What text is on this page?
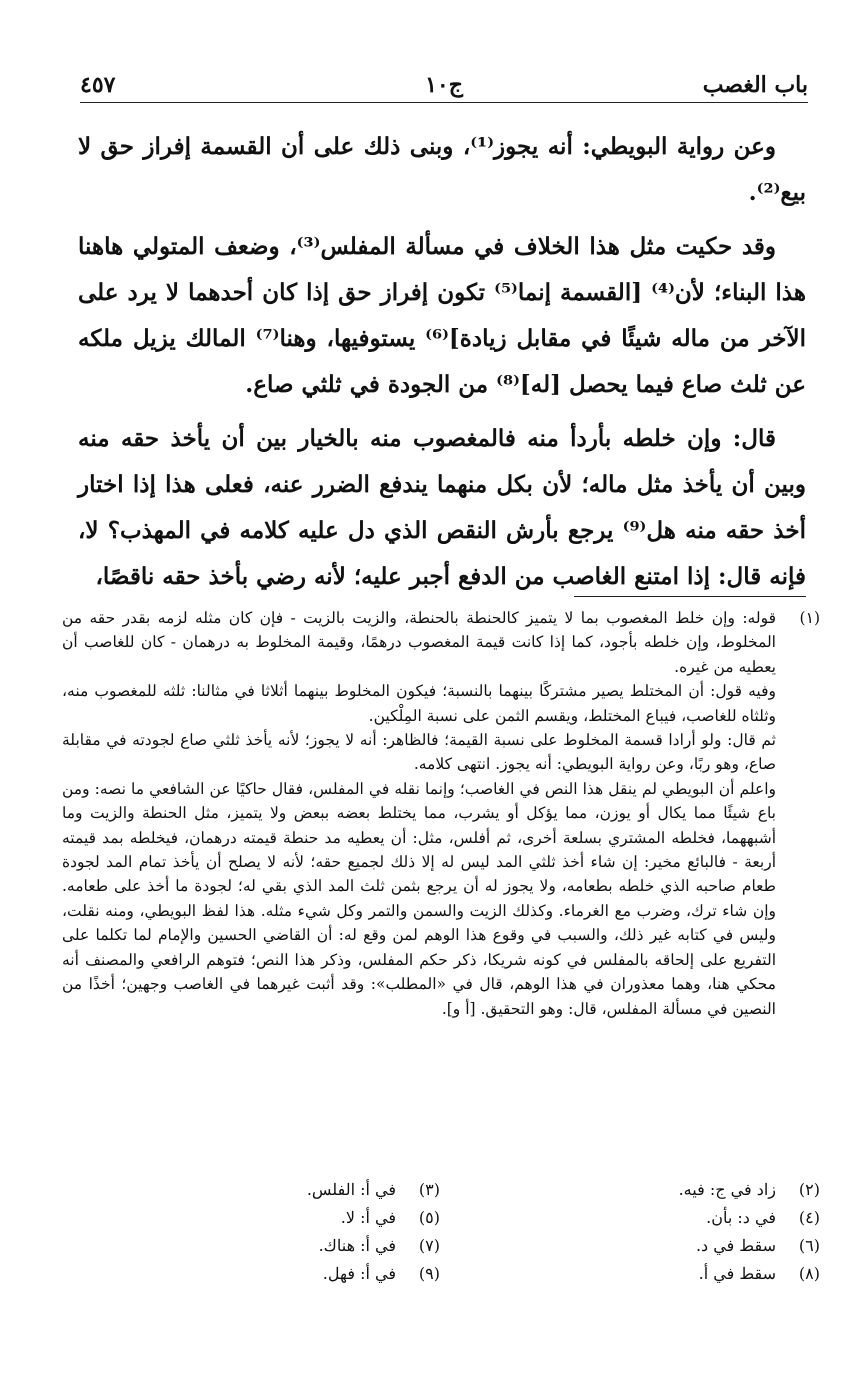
باب الغصب
ج١٠
٤٥٧

وعن رواية البويطي: أنه يجوز⁽¹⁾، وبنى ذلك على أن القسمة إفراز حق لا بيع⁽²⁾.

وقد حكيت مثل هذا الخلاف في مسألة المفلس⁽³⁾، وضعف المتولي هاهنا هذا البناء؛ لأن⁽⁴⁾ [القسمة إنما⁽⁵⁾ تكون إفراز حق إذا كان أحدهما لا يرد على الآخر من ماله شيئًا في مقابل زيادة]⁽⁶⁾ يستوفيها، وهنا⁽⁷⁾ المالك يزيل ملكه عن ثلث صاع فيما يحصل [له]⁽⁸⁾ من الجودة في ثلثي صاع.

قال: وإن خلطه بأردأ منه فالمغصوب منه بالخيار بين أن يأخذ حقه منه وبين أن يأخذ مثل ماله؛ لأن بكل منهما يندفع الضرر عنه، فعلى هذا إذا اختار أخذ حقه منه هل⁽⁹⁾ يرجع بأرش النقص الذي دل عليه كلامه في المهذب؟ لا، فإنه قال: إذا امتنع الغاصب من الدفع أجبر عليه؛ لأنه رضي بأخذ حقه ناقصًا،

(١)

قوله: وإن خلط المغصوب بما لا يتميز كالحنطة بالحنطة، والزيت بالزيت - فإن كان مثله لزمه بقدر حقه من المخلوط، وإن خلطه بأجود، كما إذا كانت قيمة المغصوب درهمًا، وقيمة المخلوط به درهمان - كان للغاصب أن يعطيه من غيره.

وفيه قول: أن المختلط يصير مشتركًا بينهما بالنسبة؛ فيكون المخلوط بينهما أثلاثا في مثالنا: ثلثه للمغصوب منه، وثلثاه للغاصب، فيباع المختلط، ويقسم الثمن على نسبة المِلْكين.

ثم قال: ولو أرادا قسمة المخلوط على نسبة القيمة؛ فالظاهر: أنه لا يجوز؛ لأنه يأخذ ثلثي صاع لجودته في مقابلة صاع، وهو ربًا، وعن رواية البويطي: أنه يجوز. انتهى كلامه.

واعلم أن البويطي لم ينقل هذا النص في الغاصب؛ وإنما نقله في المفلس، فقال حاكيًا عن الشافعي ما نصه: ومن باع شيئًا مما يكال أو يوزن، مما يؤكل أو يشرب، مما يختلط بعضه ببعض ولا يتميز، مثل الحنطة والزيت وما أشبههما، فخلطه المشتري بسلعة أخرى، ثم أفلس، مثل: أن يعطيه مد حنطة قيمته درهمان، فيخلطه بمد قيمته أربعة - فالبائع مخير: إن شاء أخذ ثلثي المد ليس له إلا ذلك لجميع حقه؛ لأنه لا يصلح أن يأخذ تمام المد لجودة طعام صاحبه الذي خلطه بطعامه، ولا يجوز له أن يرجع بثمن ثلث المد الذي بقي له؛ لجودة ما أخذ على طعامه. وإن شاء ترك، وضرب مع الغرماء. وكذلك الزيت والسمن والتمر وكل شيء مثله. هذا لفظ البويطي، ومنه نقلت، وليس في كتابه غير ذلك، والسبب في وقوع هذا الوهم لمن وقع له: أن القاضي الحسين والإمام لما تكلما على التفريع على إلحاقه بالمفلس في كونه شريكا، ذكر حكم المفلس، وذكر هذا النص؛ فتوهم الرافعي والمصنف أنه محكي هنا، وهما معذوران في هذا الوهم، قال في «المطلب»: وقد أثبت غيرهما في الغاصب وجهين؛ أخذًا من النصين في مسألة المفلس، قال: وهو التحقيق. [أ و].

(٢)
زاد في ج: فيه.
(٣)
في أ: الفلس.
(٤)
في د: بأن.
(٥)
في أ: لا.
(٦)
سقط في د.
(٧)
في أ: هناك.
(٨)
سقط في أ.
(٩)
في أ: فهل.
